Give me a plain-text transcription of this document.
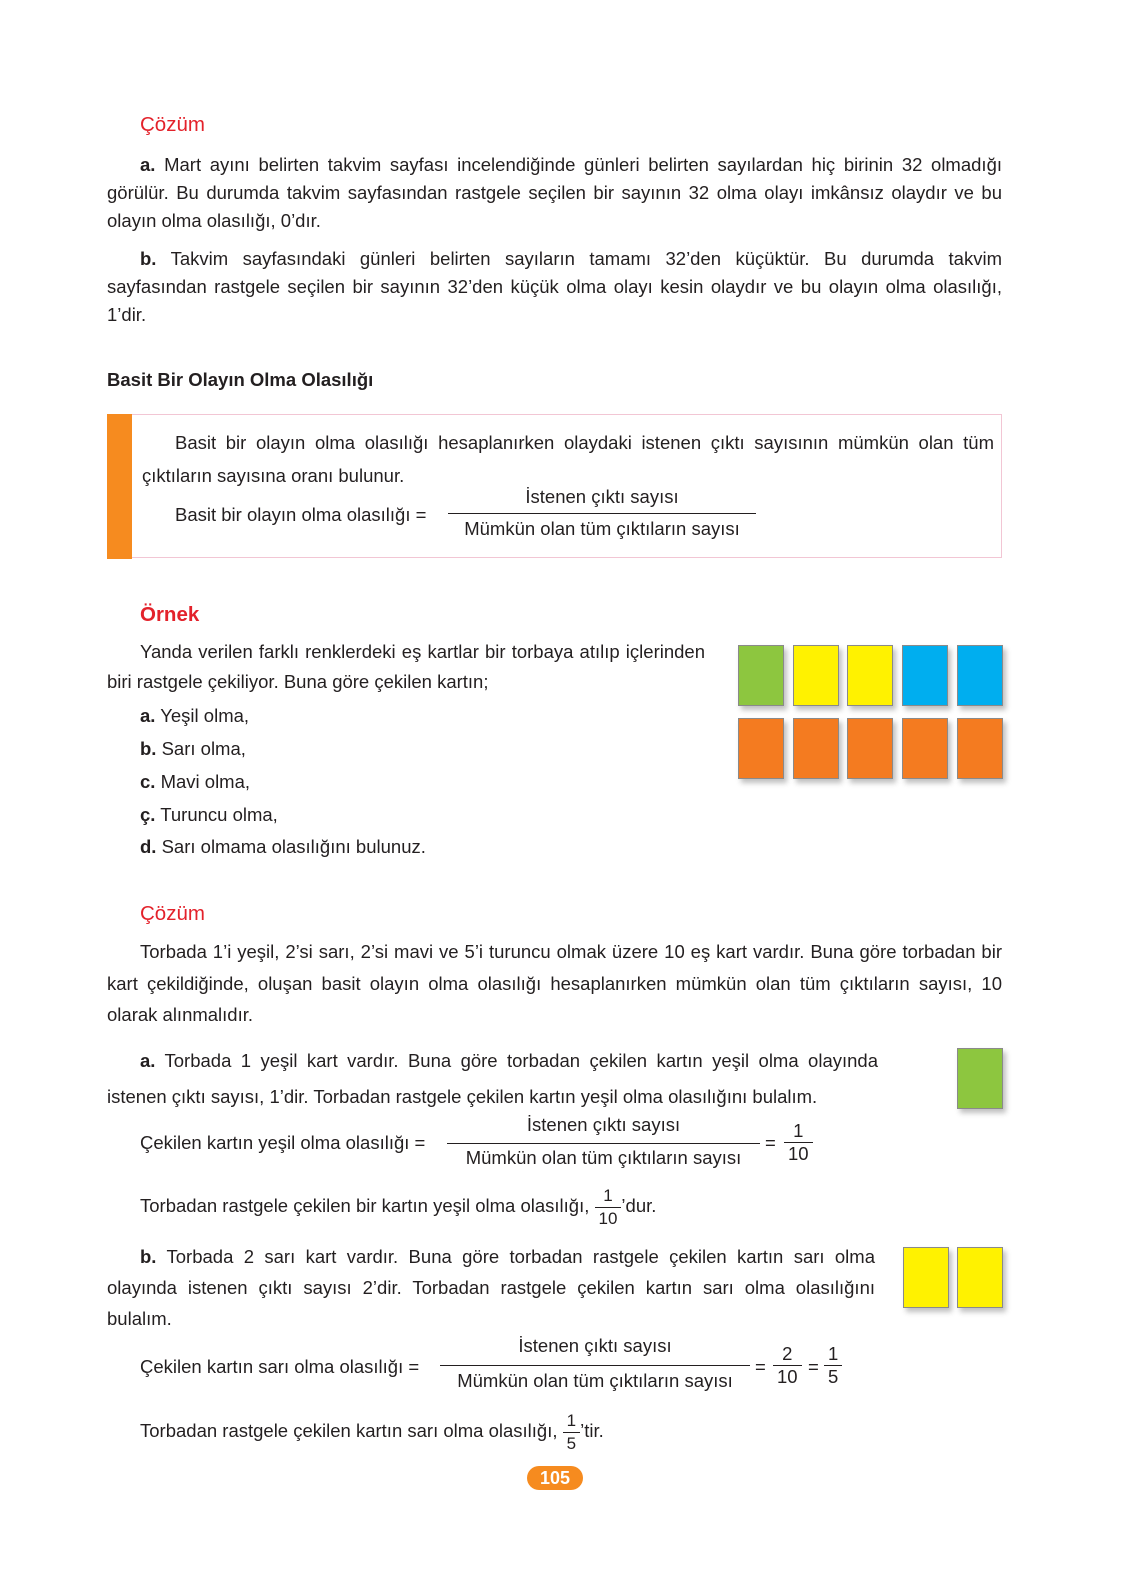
Çözüm

a. Mart ayını belirten takvim sayfası incelendiğinde günleri belirten sayılardan hiç birinin 32 olmadığı görülür. Bu durumda takvim sayfasından rastgele seçilen bir sayının 32 olma olayı imkânsız olaydır ve bu olayın olma olasılığı, 0’dır.

b. Takvim sayfasındaki günleri belirten sayıların tamamı 32’den küçüktür. Bu durumda takvim sayfasından rastgele seçilen bir sayının 32’den küçük olma olayı kesin olaydır ve bu olayın olma olasılığı, 1’dir.

Basit Bir Olayın Olma Olasılığı

Basit bir olayın olma olasılığı hesaplanırken olaydaki istenen çıktı sayısının mümkün olan tüm çıktıların sayısına oranı bulunur.

Basit bir olayın olma olasılığı =
İstenen çıktı sayısı
Mümkün olan tüm çıktıların sayısı
Örnek

Yanda verilen farklı renklerdeki eş kartlar bir torbaya atılıp içlerinden biri rastgele çekiliyor. Buna göre çekilen kartın;

a. Yeşil olma,
b. Sarı olma,
c. Mavi olma,
ç. Turuncu olma,
d. Sarı olmama olasılığını bulunuz.
Çözüm

Torbada 1’i yeşil, 2’si sarı, 2’si mavi ve 5’i turuncu olmak üzere 10 eş kart vardır. Buna göre torbadan bir kart çekildiğinde, oluşan basit olayın olma olasılığı hesaplanırken mümkün olan tüm çıktıların sayısı, 10 olarak alınmalıdır.

a. Torbada 1 yeşil kart vardır. Buna göre torbadan çekilen kartın yeşil olma olayında istenen çıktı sayısı, 1’dir. Torbadan rastgele çekilen kartın yeşil olma olasılığını bulalım.

Çekilen kartın yeşil olma olasılığı =
İstenen çıktı sayısı
Mümkün olan tüm çıktıların sayısı
= $\frac{1}{10}$
Torbadan rastgele çekilen bir kartın yeşil olma olasılığı, $\frac{1}{10}$ ’dur.

b. Torbada 2 sarı kart vardır. Buna göre torbadan rastgele çekilen kartın sarı olma olayında istenen çıktı sayısı 2’dir. Torbadan rastgele çekilen kartın sarı olma olasılığını bulalım.

Çekilen kartın sarı olma olasılığı =
İstenen çıktı sayısı
Mümkün olan tüm çıktıların sayısı
= $\frac{2}{10} = \frac{1}{5}$
Torbadan rastgele çekilen kartın sarı olma olasılığı, $\frac{1}{5}$ ’tir.
105
